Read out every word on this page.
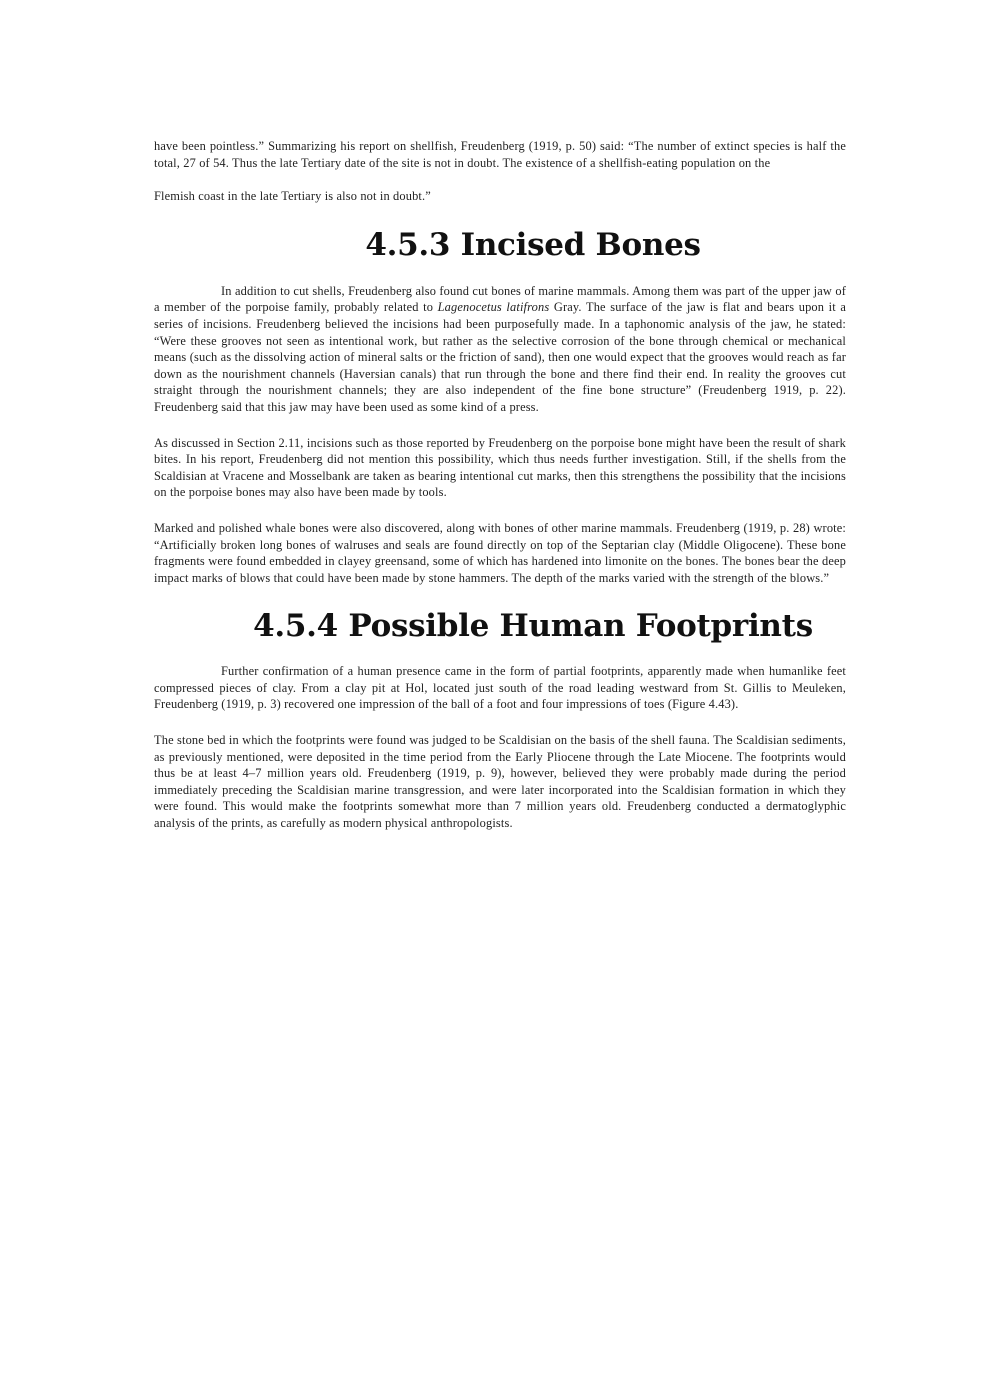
have been pointless.” Summarizing his report on shellfish, Freudenberg (1919, p. 50) said: “The number of extinct species is half the total, 27 of 54. Thus the late Tertiary date of the site is not in doubt. The existence of a shellfish-eating population on the

Flemish coast in the late Tertiary is also not in doubt.”

4.5.3 Incised Bones

In addition to cut shells, Freudenberg also found cut bones of marine mammals. Among them was part of the upper jaw of a member of the porpoise family, probably related to Lagenocetus latifrons Gray. The surface of the jaw is flat and bears upon it a series of incisions. Freudenberg believed the incisions had been purposefully made. In a taphonomic analysis of the jaw, he stated: “Were these grooves not seen as intentional work, but rather as the selective corrosion of the bone through chemical or mechanical means (such as the dissolving action of mineral salts or the friction of sand), then one would expect that the grooves would reach as far down as the nourishment channels (Haversian canals) that run through the bone and there find their end. In reality the grooves cut straight through the nourishment channels; they are also independent of the fine bone structure” (Freudenberg 1919, p. 22). Freudenberg said that this jaw may have been used as some kind of a press.

As discussed in Section 2.11, incisions such as those reported by Freudenberg on the porpoise bone might have been the result of shark bites. In his report, Freudenberg did not mention this possibility, which thus needs further investigation. Still, if the shells from the Scaldisian at Vracene and Mosselbank are taken as bearing intentional cut marks, then this strengthens the possibility that the incisions on the porpoise bones may also have been made by tools.

Marked and polished whale bones were also discovered, along with bones of other marine mammals. Freudenberg (1919, p. 28) wrote: “Artificially broken long bones of walruses and seals are found directly on top of the Septarian clay (Middle Oligocene). These bone fragments were found embedded in clayey greensand, some of which has hardened into limonite on the bones. The bones bear the deep impact marks of blows that could have been made by stone hammers. The depth of the marks varied with the strength of the blows.”

4.5.4 Possible Human Footprints

Further confirmation of a human presence came in the form of partial footprints, apparently made when humanlike feet compressed pieces of clay. From a clay pit at Hol, located just south of the road leading westward from St. Gillis to Meuleken, Freudenberg (1919, p. 3) recovered one impression of the ball of a foot and four impressions of toes (Figure 4.43).

The stone bed in which the footprints were found was judged to be Scaldisian on the basis of the shell fauna. The Scaldisian sediments, as previously mentioned, were deposited in the time period from the Early Pliocene through the Late Miocene. The footprints would thus be at least 4–7 million years old. Freudenberg (1919, p. 9), however, believed they were probably made during the period immediately preceding the Scaldisian marine transgression, and were later incorporated into the Scaldisian formation in which they were found. This would make the footprints somewhat more than 7 million years old. Freudenberg conducted a dermatoglyphic analysis of the prints, as carefully as modern physical anthropologists.
